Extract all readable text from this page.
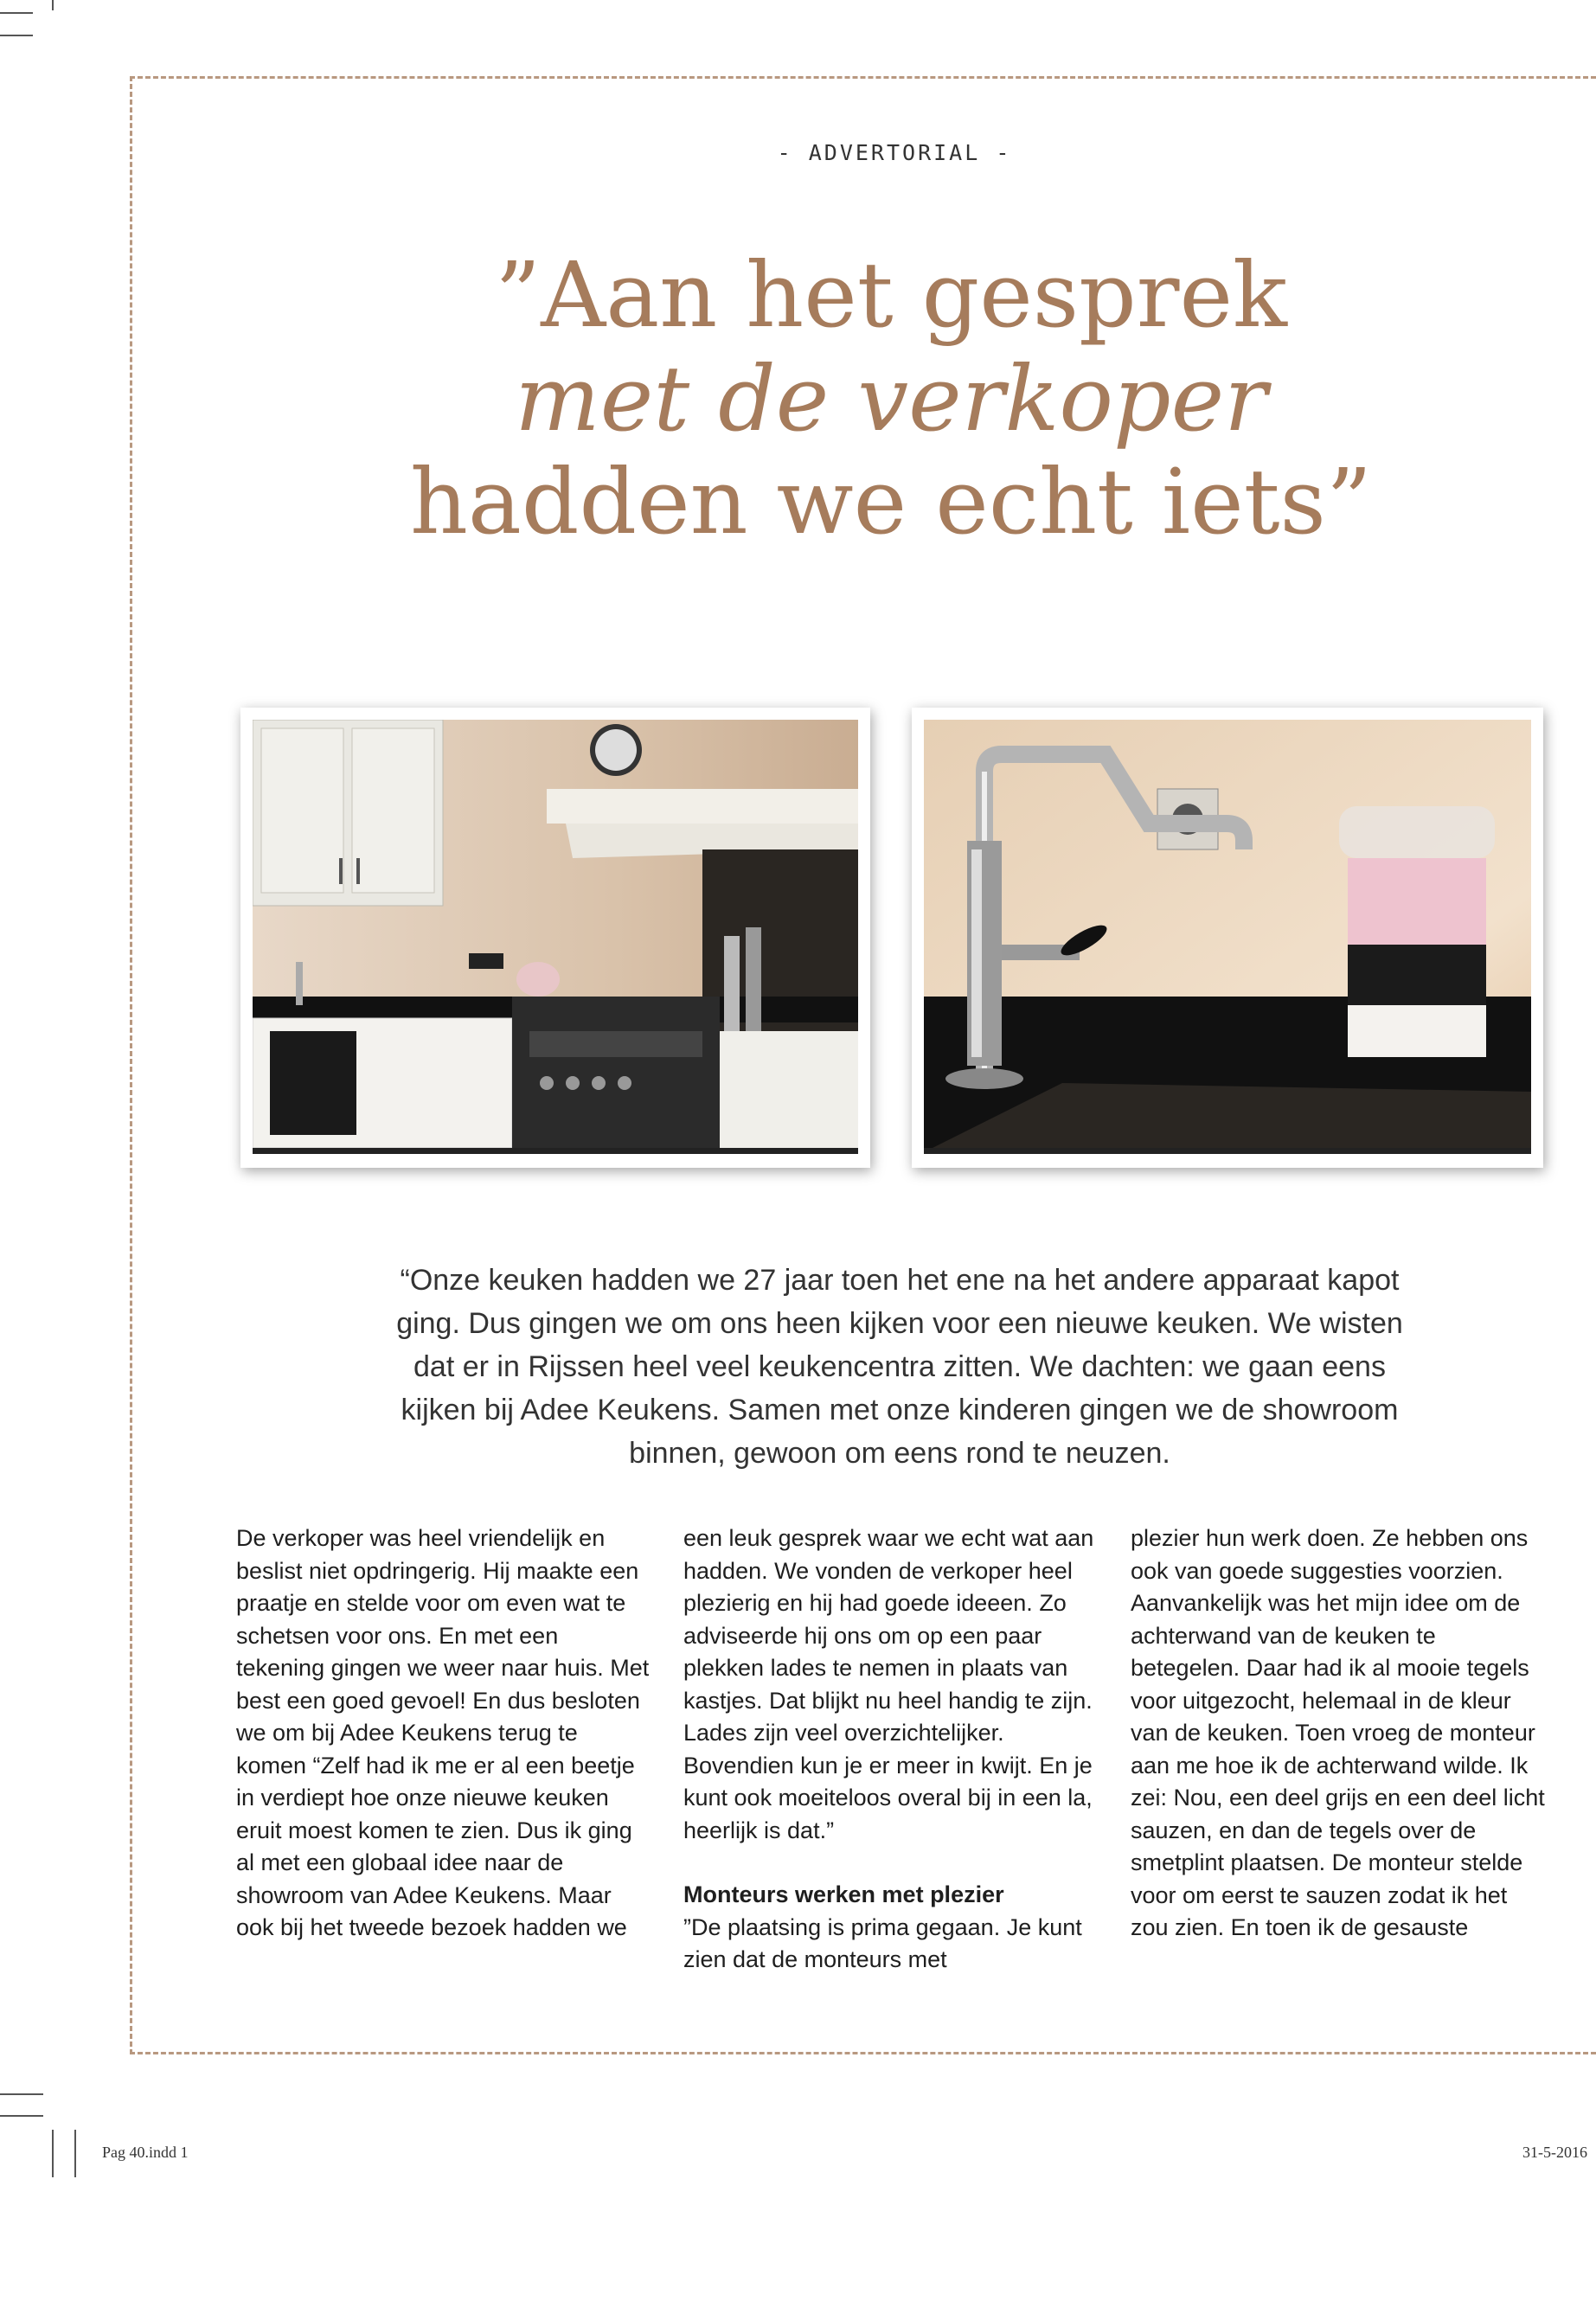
- ADVERTORIAL -
”Aan het gesprek
met de verkoper
hadden we echt iets”

“Onze keuken hadden we 27 jaar toen het ene na het andere apparaat kapot ging. Dus gingen we om ons heen kijken voor een nieuwe keuken. We wisten dat er in Rijssen heel veel keukencentra zitten. We dachten: we gaan eens kijken bij Adee Keukens. Samen met onze kinderen gingen we de showroom binnen, gewoon om eens rond te neuzen.

De verkoper was heel vriendelijk en beslist niet opdringerig. Hij maakte een praatje en stelde voor om even wat te schetsen voor ons. En met een tekening gingen we weer naar huis. Met best een goed gevoel! En dus besloten we om bij Adee Keukens terug te komen “Zelf had ik me er al een beetje in verdiept hoe onze nieuwe keuken eruit moest komen te zien. Dus ik ging al met een globaal idee naar de showroom van Adee Keukens. Maar ook bij het tweede bezoek hadden we

een leuk gesprek waar we echt wat aan hadden. We vonden de verkoper heel plezierig en hij had goede ideeen. Zo adviseerde hij ons om op een paar plekken lades te nemen in plaats van kastjes. Dat blijkt nu heel handig te zijn. Lades zijn veel overzichtelijker. Bovendien kun je er meer in kwijt. En je kunt ook moeiteloos overal bij in een la, heerlijk is dat.”

Monteurs werken met plezier

”De plaatsing is prima gegaan. Je kunt zien dat de monteurs met

plezier hun werk doen. Ze hebben ons ook van goede suggesties voorzien. Aanvankelijk was het mijn idee om de achterwand van de keuken te betegelen. Daar had ik al mooie tegels voor uitgezocht, helemaal in de kleur van de keuken. Toen vroeg de monteur aan me hoe ik de achterwand wilde. Ik zei: Nou, een deel grijs en een deel licht sauzen, en dan de tegels over de smetplint plaatsen. De monteur stelde voor om eerst te sauzen zodat ik het zou zien. En toen ik de gesauste

Pag 40.indd 1	31-5-2016
